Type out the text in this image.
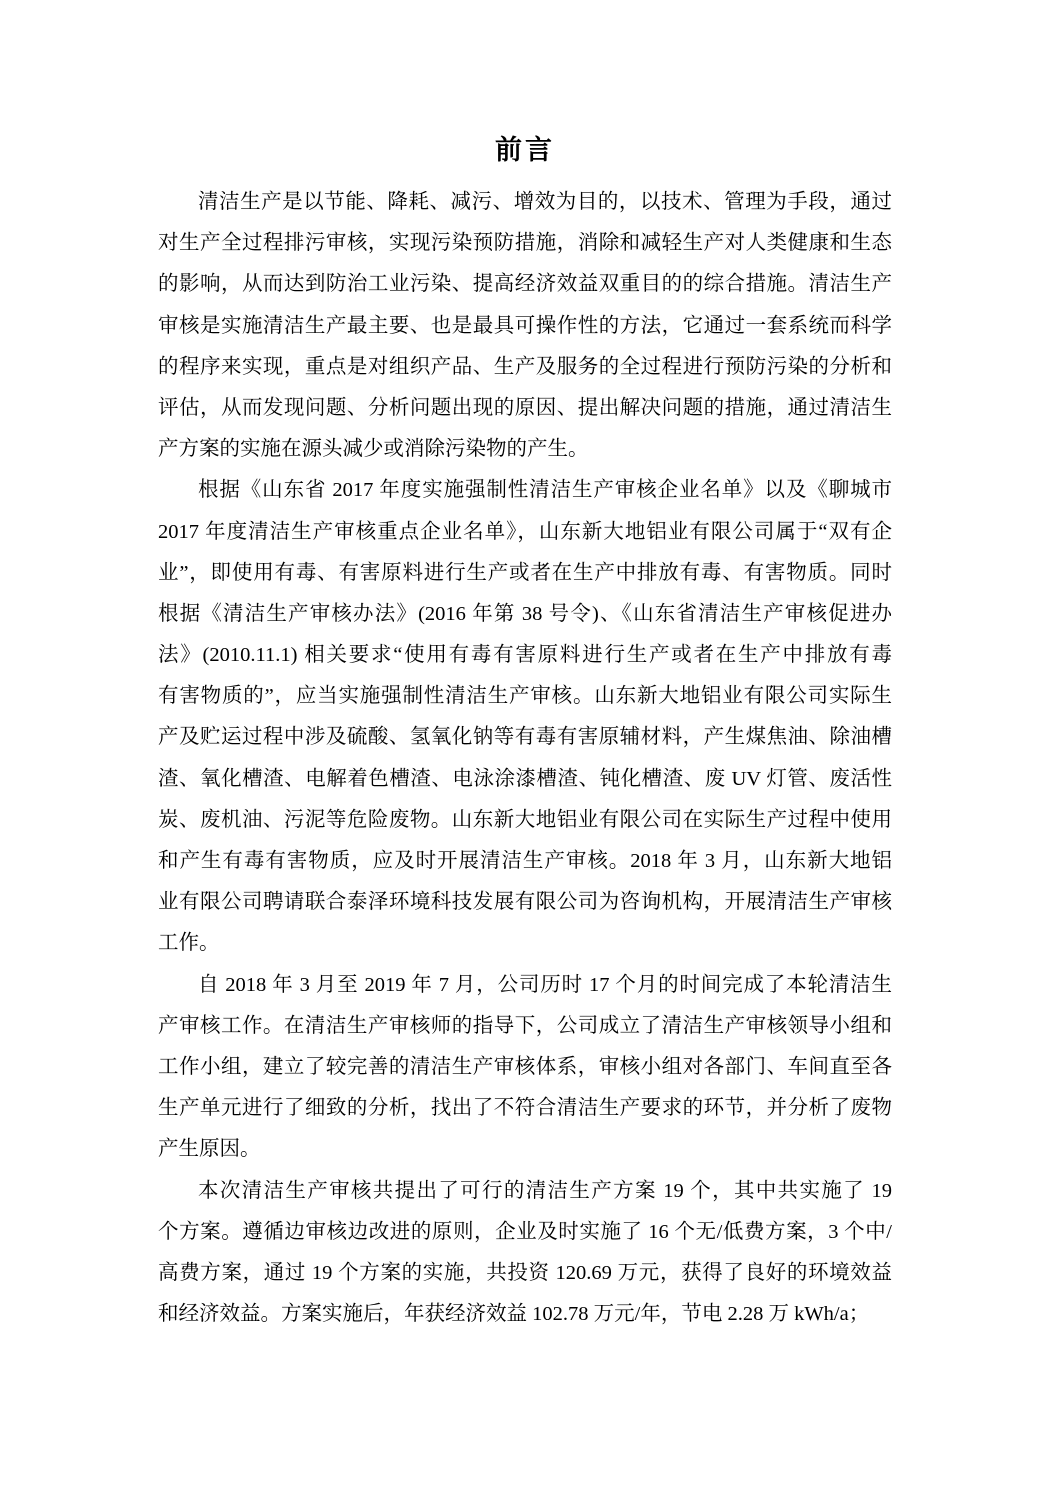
前言
清洁生产是以节能、降耗、减污、增效为目的，以技术、管理为手段，通过
对生产全过程排污审核，实现污染预防措施，消除和减轻生产对人类健康和生态
的影响，从而达到防治工业污染、提高经济效益双重目的的综合措施。清洁生产
审核是实施清洁生产最主要、也是最具可操作性的方法，它通过一套系统而科学
的程序来实现，重点是对组织产品、生产及服务的全过程进行预防污染的分析和
评估，从而发现问题、分析问题出现的原因、提出解决问题的措施，通过清洁生
产方案的实施在源头减少或消除污染物的产生。
根据《山东省 2017 年度实施强制性清洁生产审核企业名单》以及《聊城市
2017 年度清洁生产审核重点企业名单》，山东新大地铝业有限公司属于“双有企
业”，即使用有毒、有害原料进行生产或者在生产中排放有毒、有害物质。同时
根据《清洁生产审核办法》(2016 年第 38 号令)、《山东省清洁生产审核促进办
法》(2010.11.1) 相关要求“使用有毒有害原料进行生产或者在生产中排放有毒
有害物质的”，应当实施强制性清洁生产审核。山东新大地铝业有限公司实际生
产及贮运过程中涉及硫酸、氢氧化钠等有毒有害原辅材料，产生煤焦油、除油槽
渣、氧化槽渣、电解着色槽渣、电泳涂漆槽渣、钝化槽渣、废 UV 灯管、废活性
炭、废机油、污泥等危险废物。山东新大地铝业有限公司在实际生产过程中使用
和产生有毒有害物质，应及时开展清洁生产审核。2018 年 3 月，山东新大地铝
业有限公司聘请联合泰泽环境科技发展有限公司为咨询机构，开展清洁生产审核
工作。
自 2018 年 3 月至 2019 年 7 月，公司历时 17 个月的时间完成了本轮清洁生
产审核工作。在清洁生产审核师的指导下，公司成立了清洁生产审核领导小组和
工作小组，建立了较完善的清洁生产审核体系，审核小组对各部门、车间直至各
生产单元进行了细致的分析，找出了不符合清洁生产要求的环节，并分析了废物
产生原因。
本次清洁生产审核共提出了可行的清洁生产方案 19 个，其中共实施了 19
个方案。遵循边审核边改进的原则，企业及时实施了 16 个无/低费方案，3 个中/
高费方案，通过 19 个方案的实施，共投资 120.69 万元，获得了良好的环境效益
和经济效益。方案实施后，年获经济效益 102.78 万元/年，节电 2.28 万 kWh/a；
